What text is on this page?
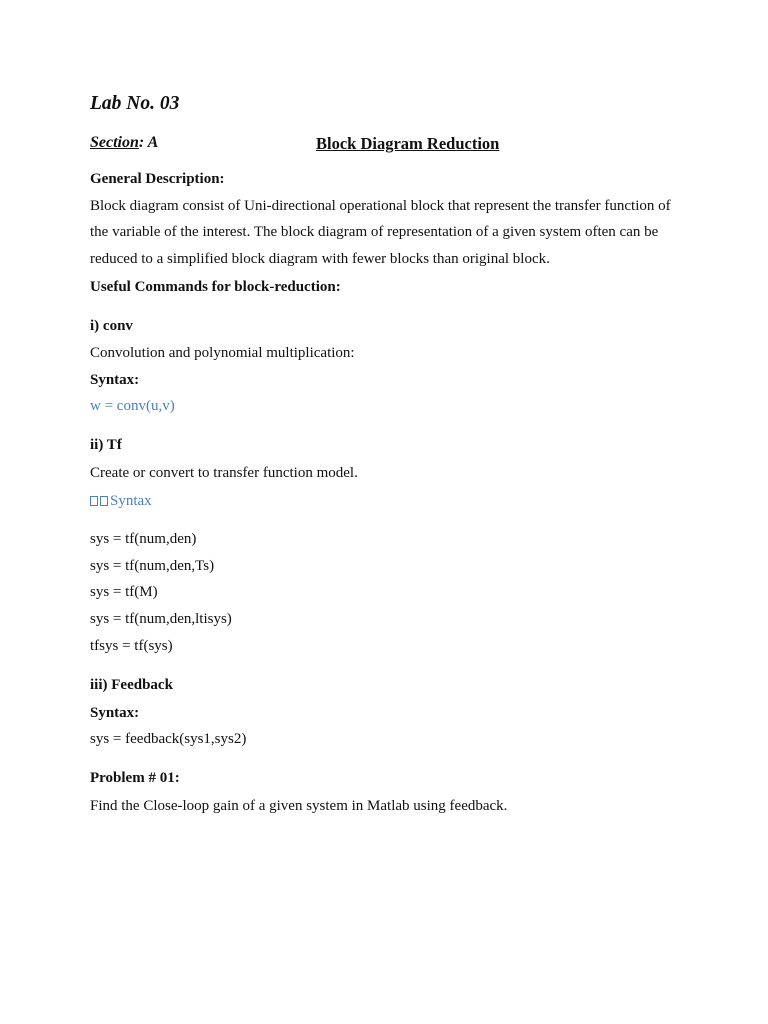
Lab No. 03
Section: A	Block Diagram Reduction
General Description:
Block diagram consist of Uni-directional operational block that represent the transfer function of
the variable of the interest. The block diagram of representation of a given system often can be
reduced to a simplified block diagram with fewer blocks than original block.
Useful Commands for block-reduction:
i) conv
Convolution and polynomial multiplication:
Syntax:
w = conv(u,v)
ii) Tf
Create or convert to transfer function model.
Syntax
sys = tf(num,den)
sys = tf(num,den,Ts)
sys = tf(M)
sys = tf(num,den,ltisys)
tfsys = tf(sys)
iii) Feedback
Syntax:
sys = feedback(sys1,sys2)
Problem # 01:
Find the Close-loop gain of a given system in Matlab using feedback.
